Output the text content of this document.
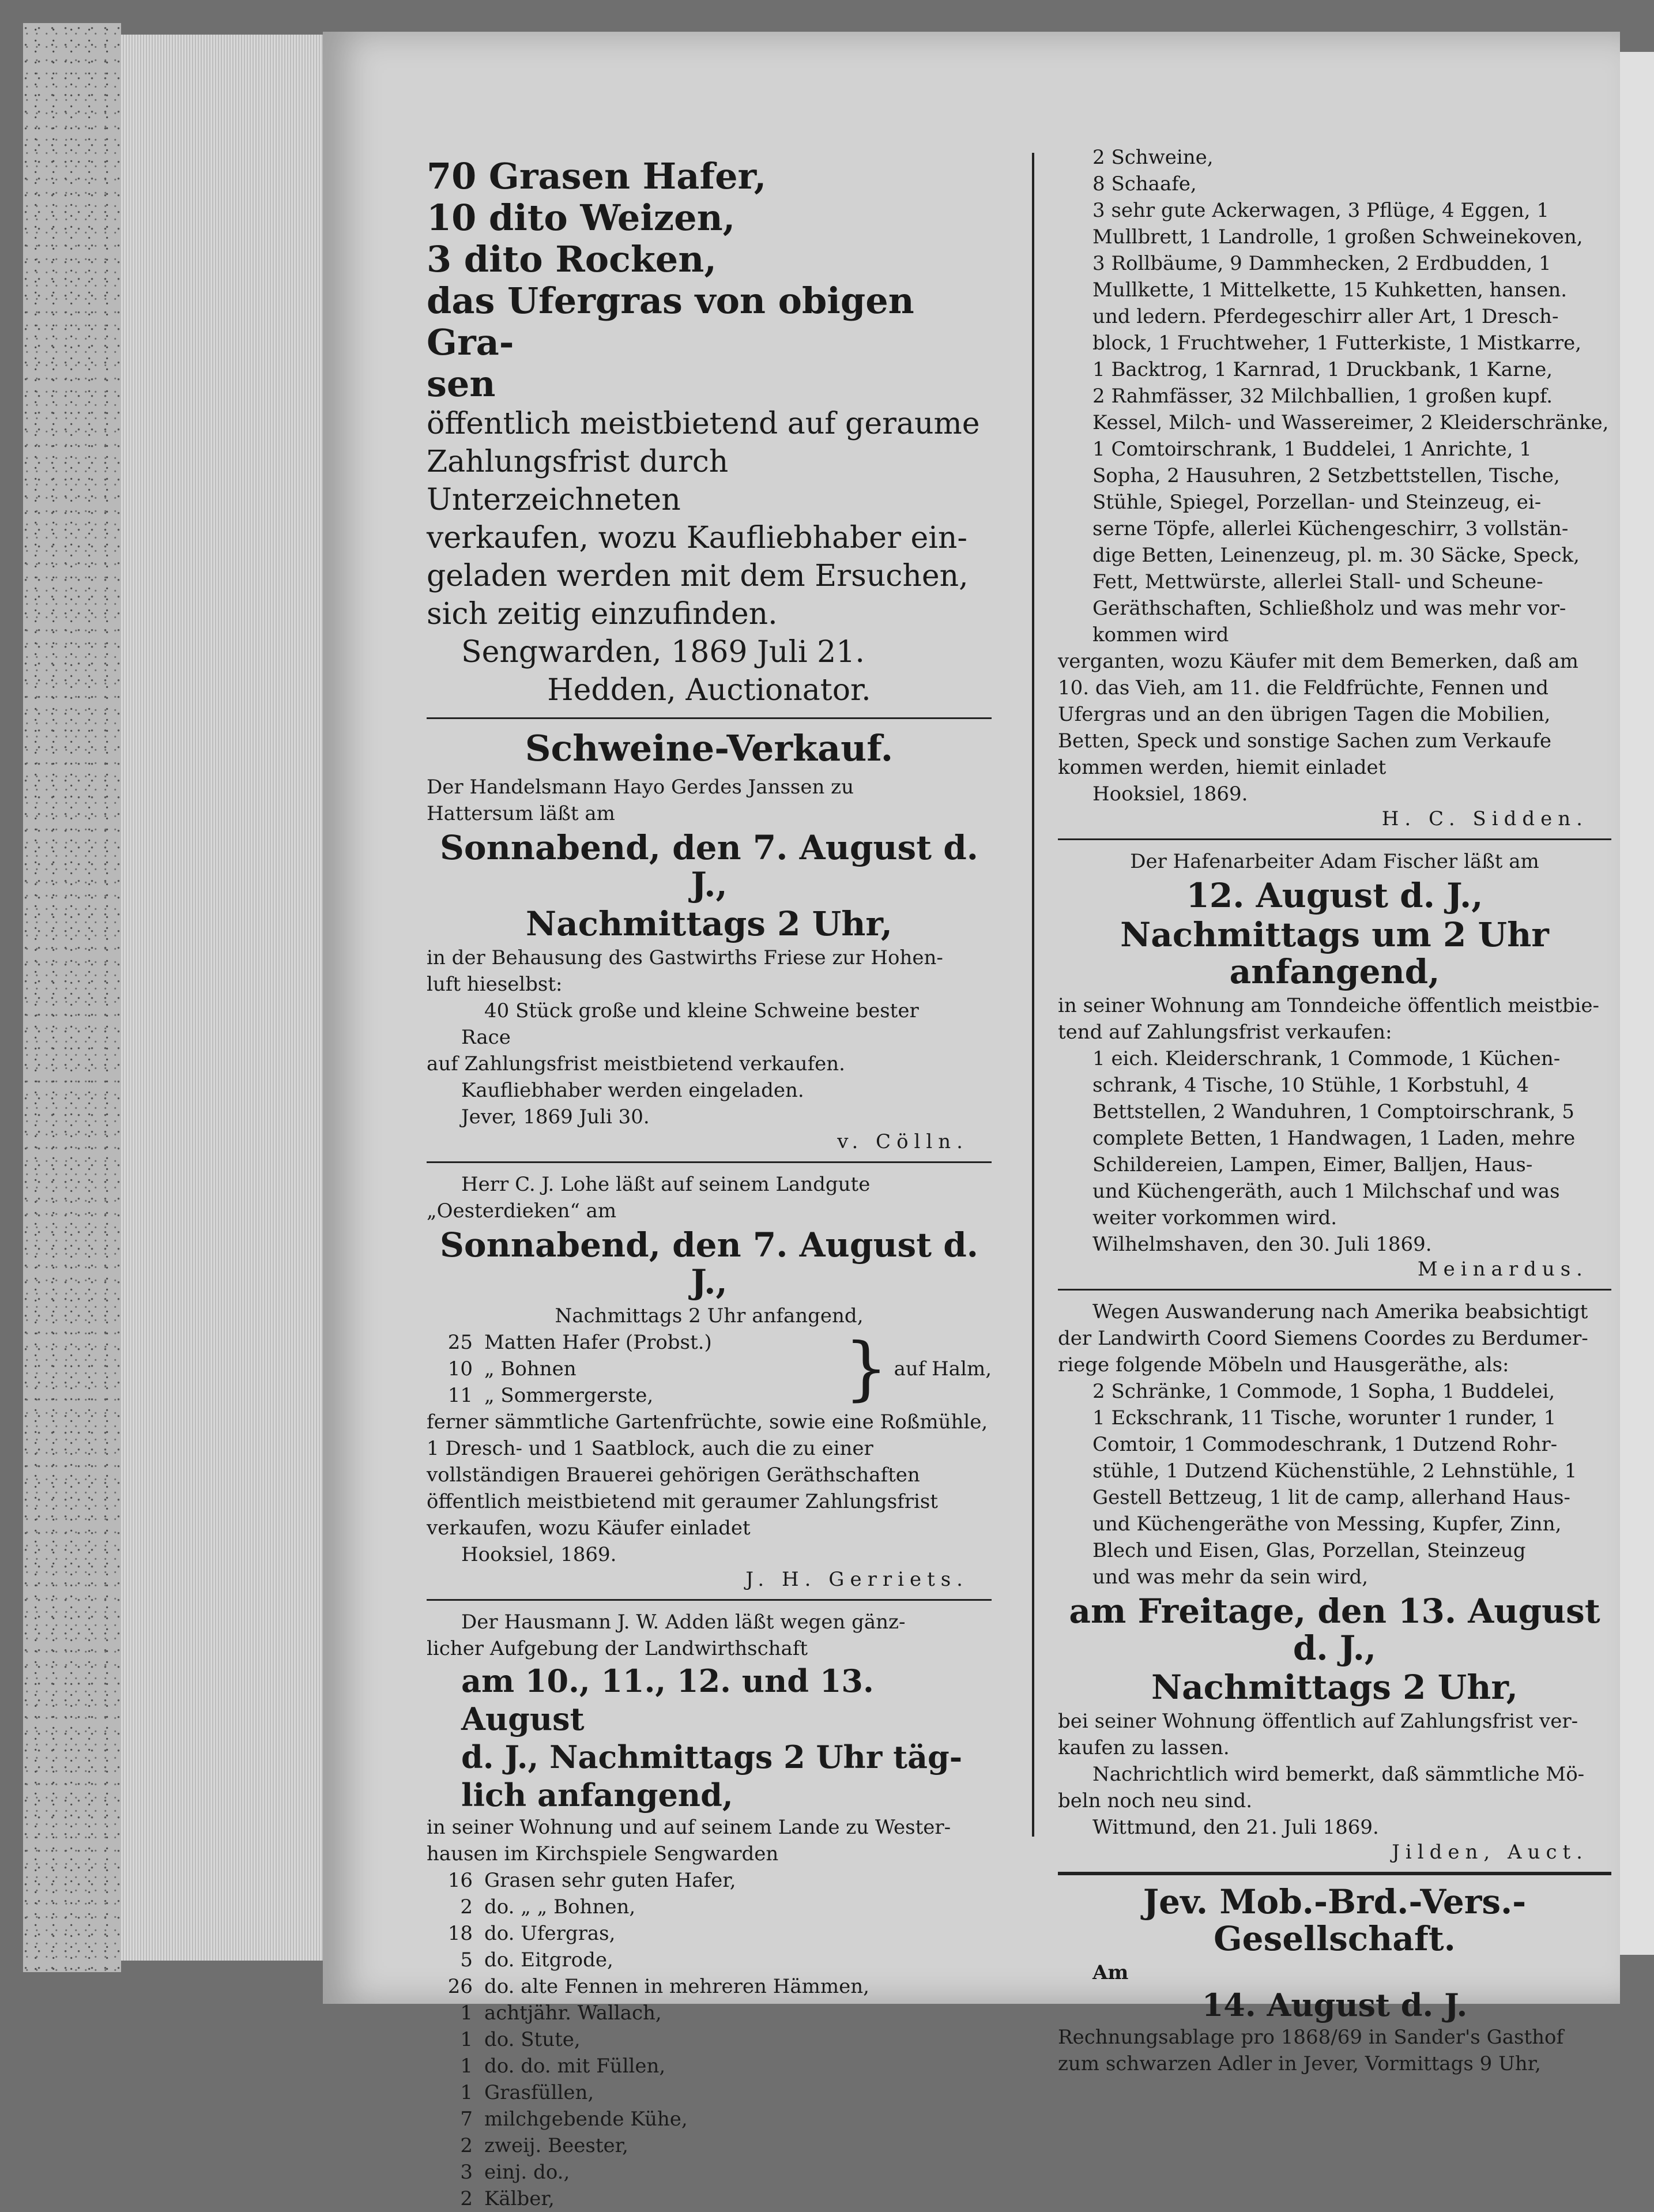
70 Grasen Hafer,

10 dito Weizen,

3 dito Rocken,

das Ufergras von obigen Gra-

sen

öffentlich meistbietend auf geraume

Zahlungsfrist durch Unterzeichneten

verkaufen, wozu Kaufliebhaber ein-

geladen werden mit dem Ersuchen,

sich zeitig einzufinden.

Sengwarden, 1869 Juli 21.

Hedden, Auctionator.

Schweine-Verkauf.

Der Handelsmann Hayo Gerdes Janssen zu

Hattersum läßt am

Sonnabend, den 7. August d. J.,

Nachmittags 2 Uhr,

in der Behausung des Gastwirths Friese zur Hohen-

luft hieselbst:

40 Stück große und kleine Schweine bester

Race

auf Zahlungsfrist meistbietend verkaufen.

Kaufliebhaber werden eingeladen.

Jever, 1869 Juli 30.

v. Cölln.

Herr C. J. Lohe läßt auf seinem Landgute

„Oesterdieken“ am

Sonnabend, den 7. August d. J.,

Nachmittags 2 Uhr anfangend,

25 Matten Hafer (Probst.)
10 „ Bohnen
11 „ Sommergerste,	} auf Halm,

ferner sämmtliche Gartenfrüchte, sowie eine Roßmühle,

1 Dresch- und 1 Saatblock, auch die zu einer

vollständigen Brauerei gehörigen Geräthschaften

öffentlich meistbietend mit geraumer Zahlungsfrist

verkaufen, wozu Käufer einladet

Hooksiel, 1869.

J. H. Gerriets.

Der Hausmann J. W. Adden läßt wegen gänz-

licher Aufgebung der Landwirthschaft

am 10., 11., 12. und 13. August

d. J., Nachmittags 2 Uhr täg-

lich anfangend,

in seiner Wohnung und auf seinem Lande zu Wester-

hausen im Kirchspiele Sengwarden

16 Grasen sehr guten Hafer,
2 do. „ „ Bohnen,
18 do. Ufergras,
5 do. Eitgrode,
26 do. alte Fennen in mehreren Hämmen,
1 achtjähr. Wallach,
1 do. Stute,
1 do. do. mit Füllen,
1 Grasfüllen,
7 milchgebende Kühe,
2 zweij. Beester,
3 einj. do.,
2 Kälber,

2 Schweine,

8 Schaafe,

3 sehr gute Ackerwagen, 3 Pflüge, 4 Eggen, 1

Mullbrett, 1 Landrolle, 1 großen Schweinekoven,

3 Rollbäume, 9 Dammhecken, 2 Erdbudden, 1

Mullkette, 1 Mittelkette, 15 Kuhketten, hansen.

und ledern. Pferdegeschirr aller Art, 1 Dresch-

block, 1 Fruchtweher, 1 Futterkiste, 1 Mistkarre,

1 Backtrog, 1 Karnrad, 1 Druckbank, 1 Karne,

2 Rahmfässer, 32 Milchballien, 1 großen kupf.

Kessel, Milch- und Wassereimer, 2 Kleiderschränke,

1 Comtoirschrank, 1 Buddelei, 1 Anrichte, 1

Sopha, 2 Hausuhren, 2 Setzbettstellen, Tische,

Stühle, Spiegel, Porzellan- und Steinzeug, ei-

serne Töpfe, allerlei Küchengeschirr, 3 vollstän-

dige Betten, Leinenzeug, pl. m. 30 Säcke, Speck,

Fett, Mettwürste, allerlei Stall- und Scheune-

Geräthschaften, Schließholz und was mehr vor-

kommen wird

verganten, wozu Käufer mit dem Bemerken, daß am

10. das Vieh, am 11. die Feldfrüchte, Fennen und

Ufergras und an den übrigen Tagen die Mobilien,

Betten, Speck und sonstige Sachen zum Verkaufe

kommen werden, hiemit einladet

Hooksiel, 1869.

H. C. Sidden.

Der Hafenarbeiter Adam Fischer läßt am

12. August d. J.,

Nachmittags um 2 Uhr anfangend,

in seiner Wohnung am Tonndeiche öffentlich meistbie-

tend auf Zahlungsfrist verkaufen:

1 eich. Kleiderschrank, 1 Commode, 1 Küchen-

schrank, 4 Tische, 10 Stühle, 1 Korbstuhl, 4

Bettstellen, 2 Wanduhren, 1 Comptoirschrank, 5

complete Betten, 1 Handwagen, 1 Laden, mehre

Schildereien, Lampen, Eimer, Balljen, Haus-

und Küchengeräth, auch 1 Milchschaf und was

weiter vorkommen wird.

Wilhelmshaven, den 30. Juli 1869.

Meinardus.

Wegen Auswanderung nach Amerika beabsichtigt

der Landwirth Coord Siemens Coordes zu Berdumer-

riege folgende Möbeln und Hausgeräthe, als:

2 Schränke, 1 Commode, 1 Sopha, 1 Buddelei,

1 Eckschrank, 11 Tische, worunter 1 runder, 1

Comtoir, 1 Commodeschrank, 1 Dutzend Rohr-

stühle, 1 Dutzend Küchenstühle, 2 Lehnstühle, 1

Gestell Bettzeug, 1 lit de camp, allerhand Haus-

und Küchengeräthe von Messing, Kupfer, Zinn,

Blech und Eisen, Glas, Porzellan, Steinzeug

und was mehr da sein wird,

am Freitage, den 13. August d. J.,

Nachmittags 2 Uhr,

bei seiner Wohnung öffentlich auf Zahlungsfrist ver-

kaufen zu lassen.

Nachrichtlich wird bemerkt, daß sämmtliche Mö-

beln noch neu sind.

Wittmund, den 21. Juli 1869.

Jilden, Auct.

Jev. Mob.-Brd.-Vers.-Gesellschaft.

Am

14. August d. J.

Rechnungsablage pro 1868/69 in Sander's Gasthof

zum schwarzen Adler in Jever, Vormittags 9 Uhr,
